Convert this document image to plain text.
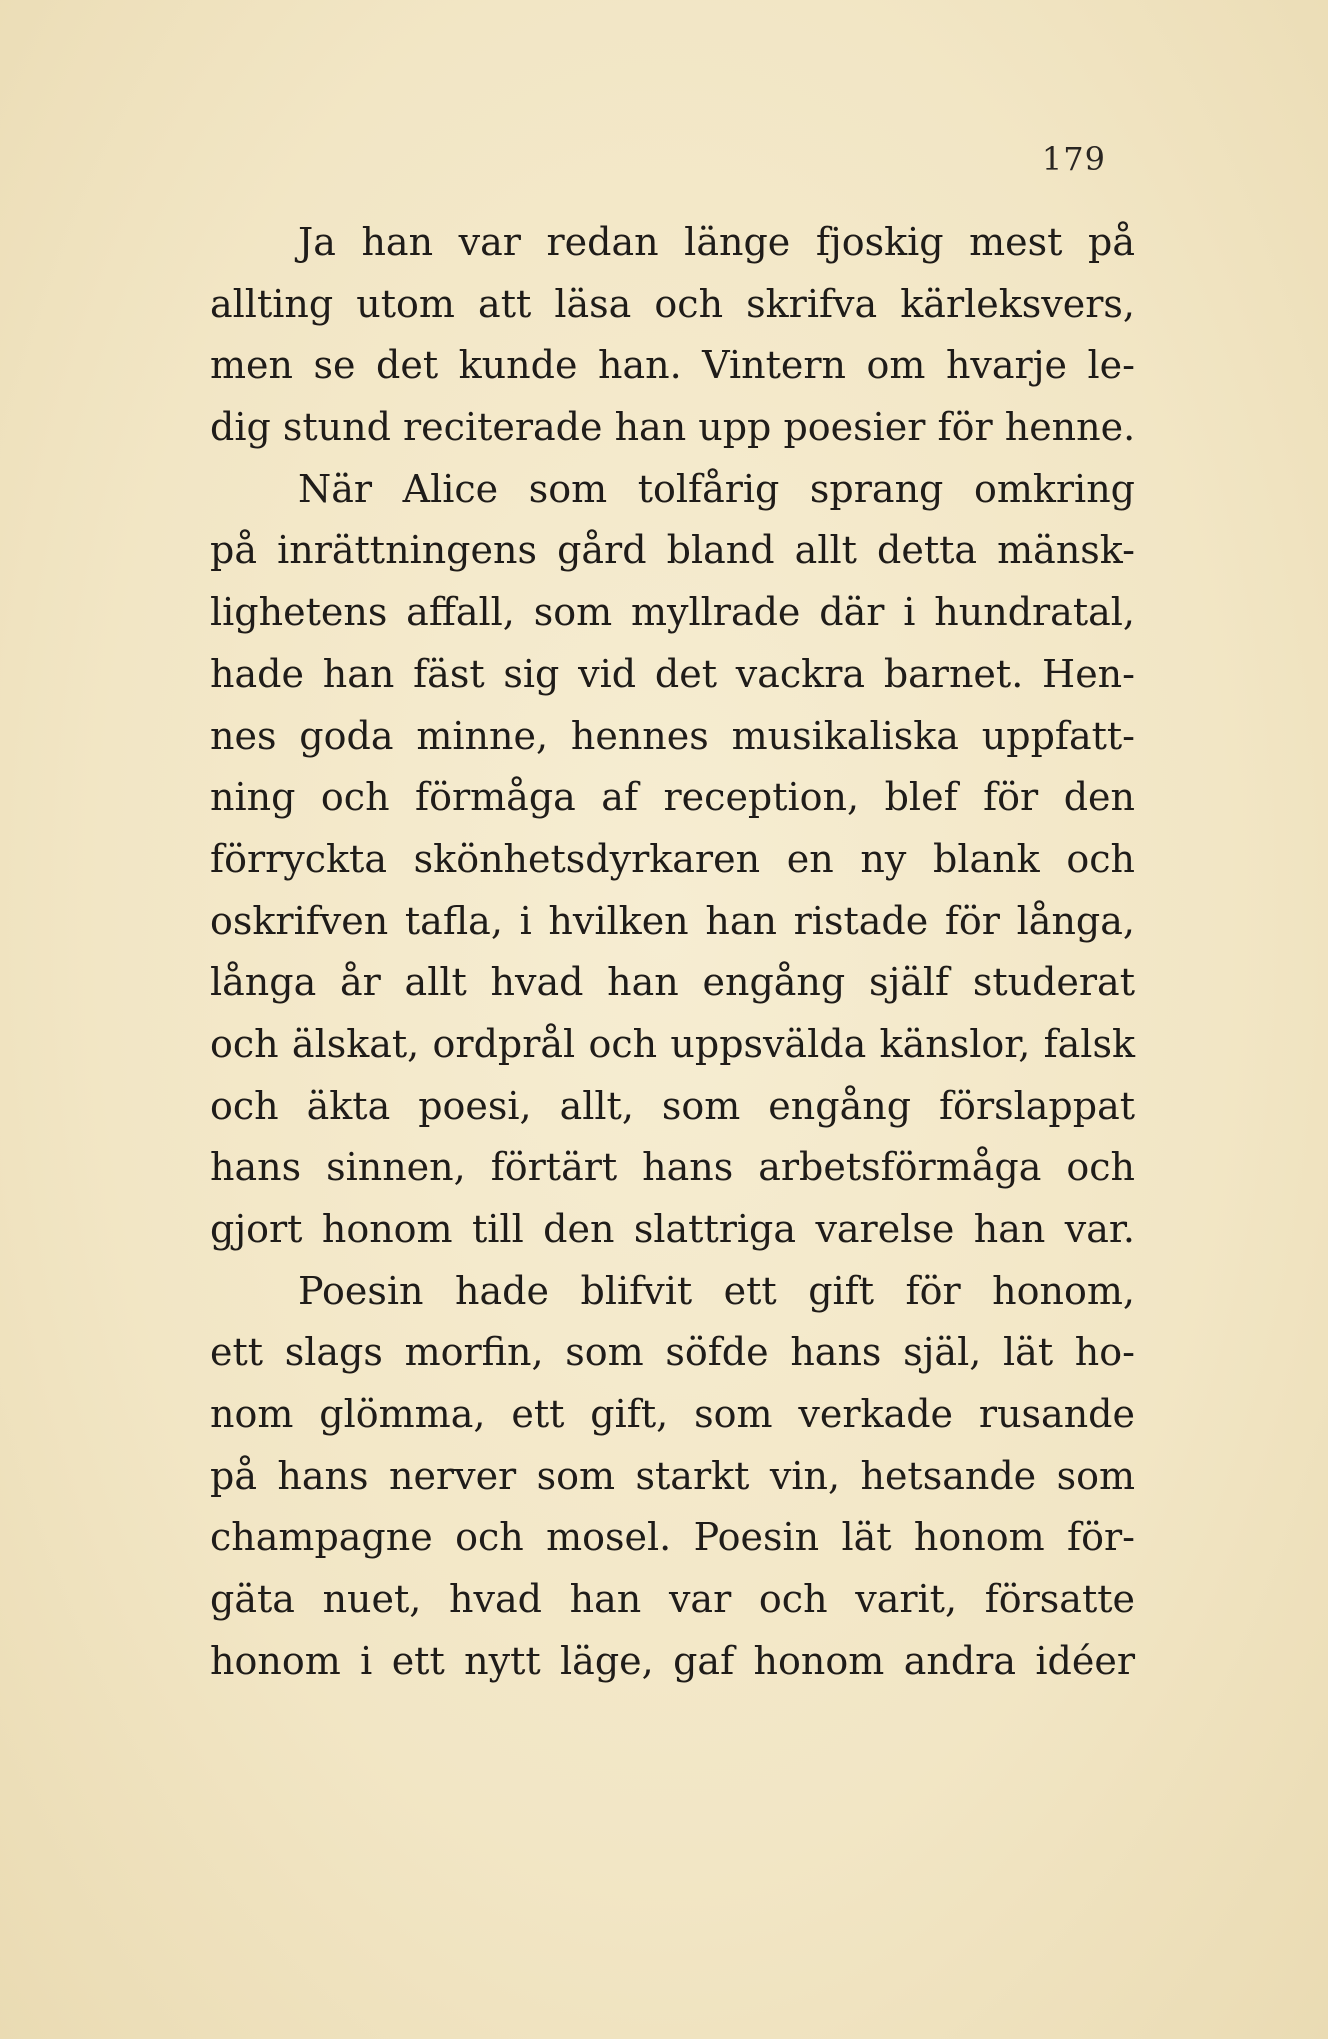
179
Ja han var redan länge fjoskig mest på
allting utom att läsa och skrifva kärleksvers,
men se det kunde han. Vintern om hvarje le-
dig stund reciterade han upp poesier för henne.
När Alice som tolfårig sprang omkring
på inrättningens gård bland allt detta mänsk-
lighetens affall, som myllrade där i hundratal,
hade han fäst sig vid det vackra barnet. Hen-
nes goda minne, hennes musikaliska uppfatt-
ning och förmåga af reception, blef för den
förryckta skönhetsdyrkaren en ny blank och
oskrifven tafla, i hvilken han ristade för långa,
långa år allt hvad han engång själf studerat
och älskat, ordprål och uppsvälda känslor, falsk
och äkta poesi, allt, som engång förslappat
hans sinnen, förtärt hans arbetsförmåga och
gjort honom till den slattriga varelse han var.
Poesin hade blifvit ett gift för honom,
ett slags morfin, som söfde hans själ, lät ho-
nom glömma, ett gift, som verkade rusande
på hans nerver som starkt vin, hetsande som
champagne och mosel. Poesin lät honom för-
gäta nuet, hvad han var och varit, försatte
honom i ett nytt läge, gaf honom andra idéer
